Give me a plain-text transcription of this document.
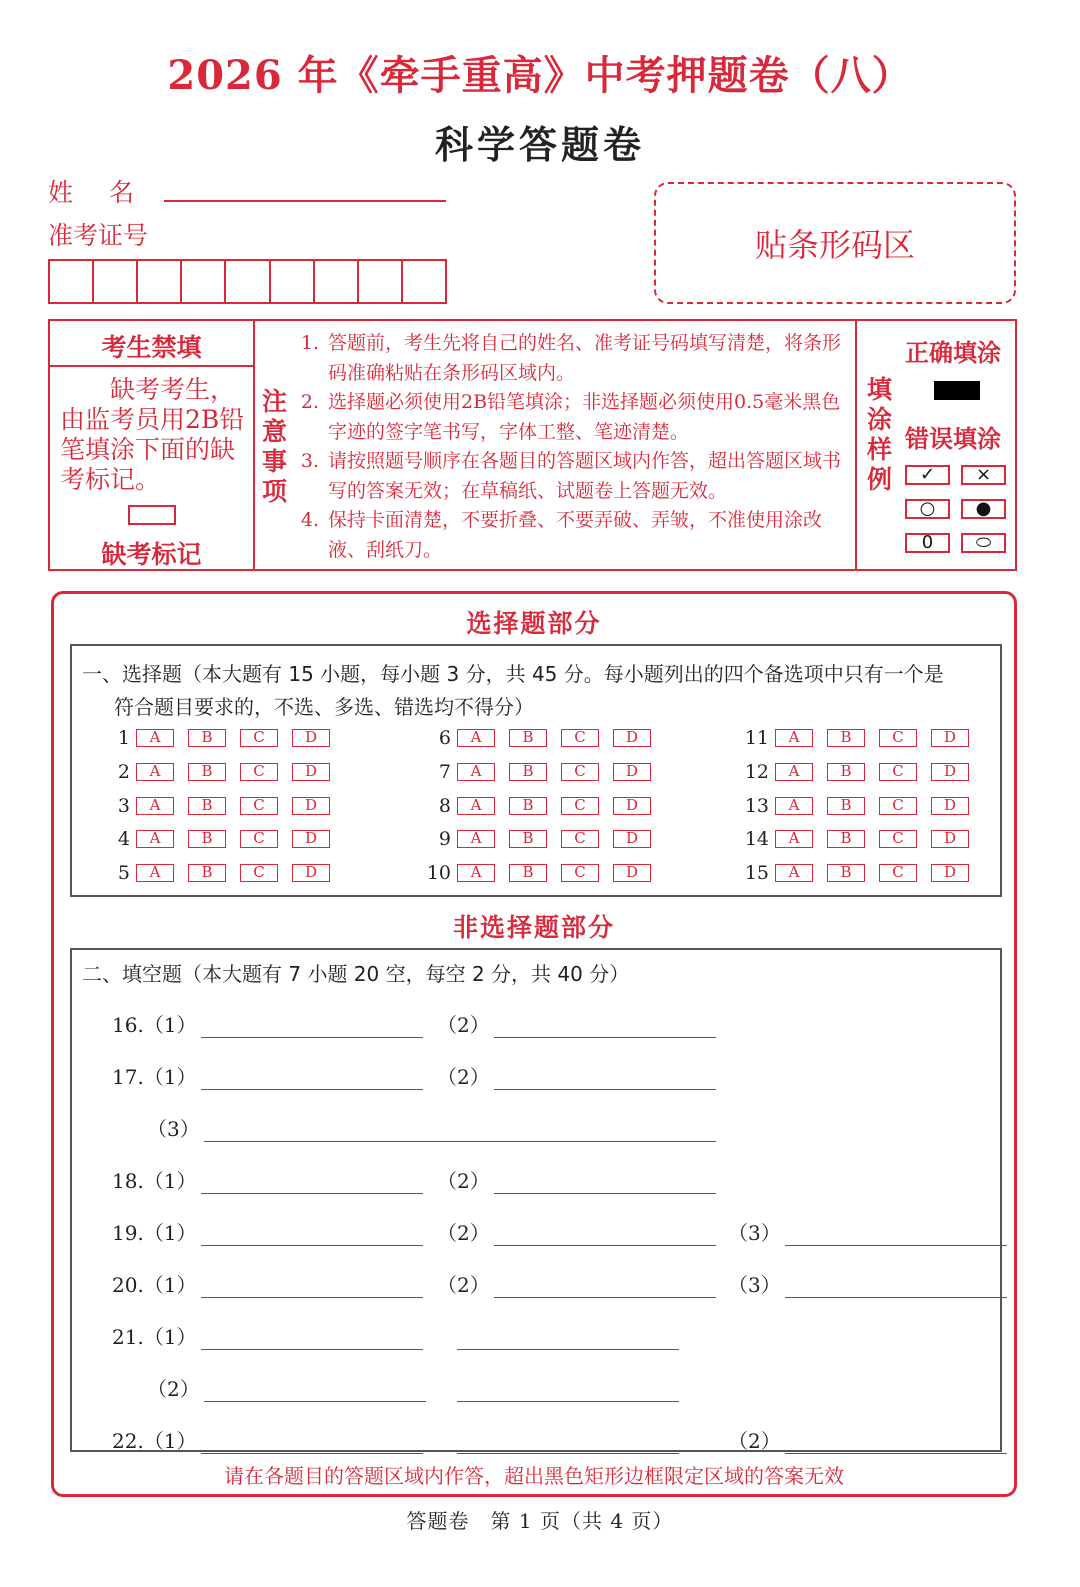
2026 年《牵手重高》中考押题卷（八）
科学答题卷
姓名
准考证号	贴条形码区
考生禁填
缺考考生，由监考员用2B铅笔填涂下面的缺考标记。
缺考标记
注意事项
1. 答题前，考生先将自己的姓名、准考证号码填写清楚，将条形码准确粘贴在条形码区域内。
2. 选择题必须使用2B铅笔填涂；非选择题必须使用0.5毫米黑色字迹的签字笔书写，字体工整、笔迹清楚。
3. 请按照题号顺序在各题目的答题区域内作答，超出答题区域书写的答案无效；在草稿纸、试题卷上答题无效。
4. 保持卡面清楚，不要折叠、不要弄破、弄皱，不准使用涂改液、刮纸刀。
填涂样例
正确填涂
错误填涂
✓	×
○	●
0	⬭
选择题部分
一、选择题（本大题有 15 小题，每小题 3 分，共 45 分。每小题列出的四个备选项中只有一个是
符合题目要求的，不选、多选、错选均不得分）
1	A	B	C	D
2	A	B	C	D
3	A	B	C	D
4	A	B	C	D
5	A	B	C	D
6	A	B	C	D
7	A	B	C	D
8	A	B	C	D
9	A	B	C	D
10	A	B	C	D
11	A	B	C	D
12	A	B	C	D
13	A	B	C	D
14	A	B	C	D
15	A	B	C	D
非选择题部分
二、填空题（本大题有 7 小题 20 空，每空 2 分，共 40 分）
16.（1）	（2）
17.（1）	（2）
（3）
18.（1）	（2）
19.（1）	（2）	（3）
20.（1）	（2）	（3）
21.（1）
（2）
22.（1）	（2）
请在各题目的答题区域内作答，超出黑色矩形边框限定区域的答案无效
答题卷　第 1 页（共 4 页）
